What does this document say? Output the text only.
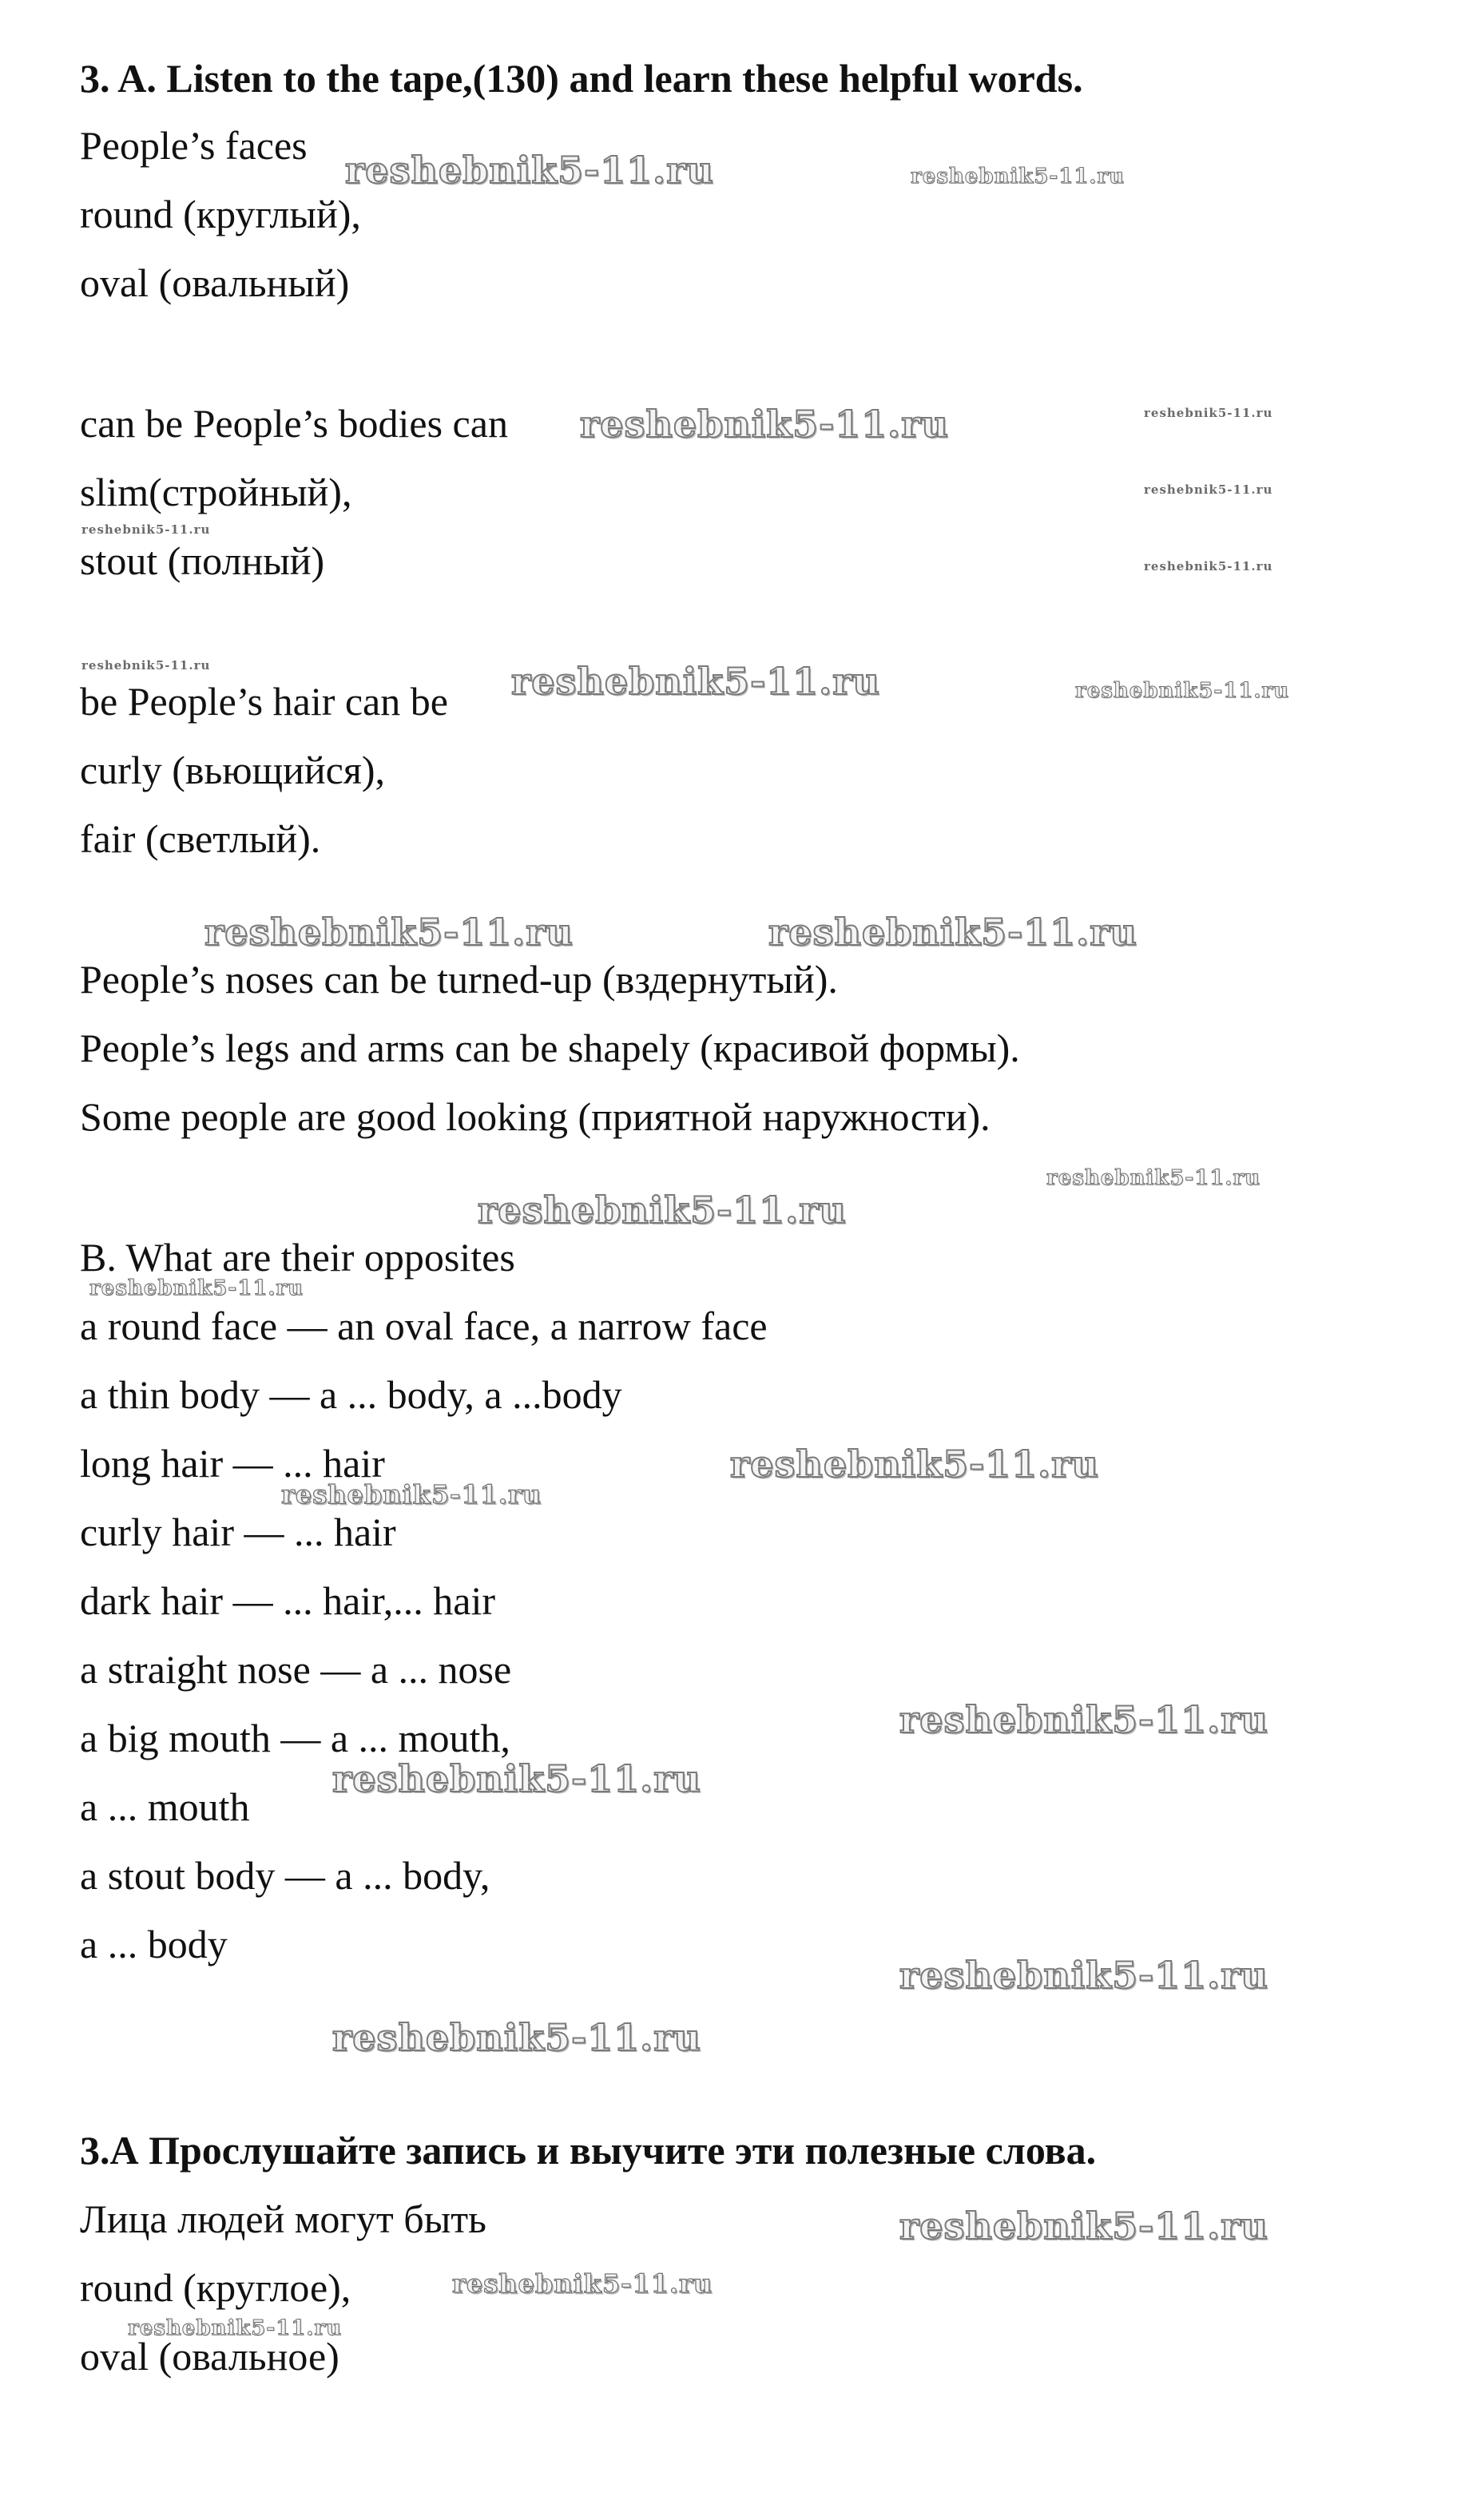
3. A. Listen to the tape,(130) and learn these helpful words.
People’s faces
round (круглый),
oval (овальный)
can be People’s bodies can
slim(стройный),
stout (полный)
be People’s hair can be
curly (вьющийся),
fair (светлый).
People’s noses can be turned-up (вздернутый).
People’s legs and arms can be shapely (красивой формы).
Some people are good looking (приятной наружности).
B. What are their opposites
a round face — an oval face, a narrow face
a thin body — a ... body, a ...body
long hair — ... hair
curly hair — ... hair
dark hair — ... hair,... hair
a straight nose — a ... nose
a big mouth — a ... mouth,
a ... mouth
a stout body — a ... body,
a ... body
3.А Прослушайте запись и выучите эти полезные слова.
Лица людей могут быть
round (круглое),
oval (овальное)
reshebnik5-11.ru	reshebnik5-11.ru
reshebnik5-11.ru	reshebnik5-11.ru
reshebnik5-11.ru
reshebnik5-11.ru
reshebnik5-11.ru
reshebnik5-11.ru	reshebnik5-11.ru	reshebnik5-11.ru
reshebnik5-11.ru	reshebnik5-11.ru
reshebnik5-11.ru
reshebnik5-11.ru
reshebnik5-11.ru
reshebnik5-11.ru
reshebnik5-11.ru
reshebnik5-11.ru
reshebnik5-11.ru
reshebnik5-11.ru
reshebnik5-11.ru
reshebnik5-11.ru
reshebnik5-11.ru
reshebnik5-11.ru
